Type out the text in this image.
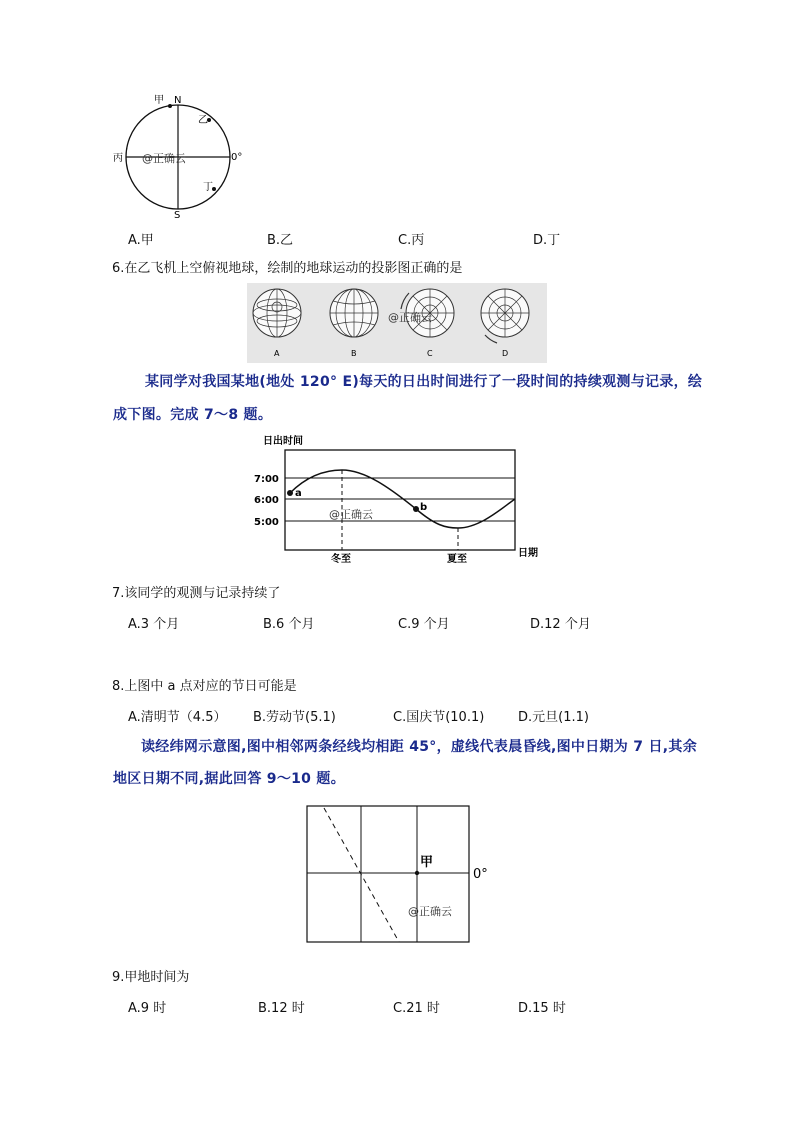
甲 N
乙
丙 @正确云	0°
丁
S
A.甲	B.乙	C.丙	D.丁
6.在乙飞机上空俯视地球，绘制的地球运动的投影图正确的是
A	B
@正确云
C	D
某同学对我国某地(地处 120° E)每天的日出时间进行了一段时间的持续观测与记录，绘
成下图。完成 7～8 题。
日出时间
7:00
6:00
5:00
a
b
@正确云
冬至	夏至
日期
7.该同学的观测与记录持续了
A.3 个月	B.6 个月	C.9 个月	D.12 个月
8.上图中 a 点对应的节日可能是
A.清明节（4.5） B.劳动节(5.1)	C.国庆节(10.1)	D.元旦(1.1)
读经纬网示意图,图中相邻两条经线均相距 45°，虚线代表晨昏线,图中日期为 7 日,其余
地区日期不同,据此回答 9～10 题。
甲
0°
@正确云
9.甲地时间为
A.9 时	B.12 时	C.21 时	D.15 时
